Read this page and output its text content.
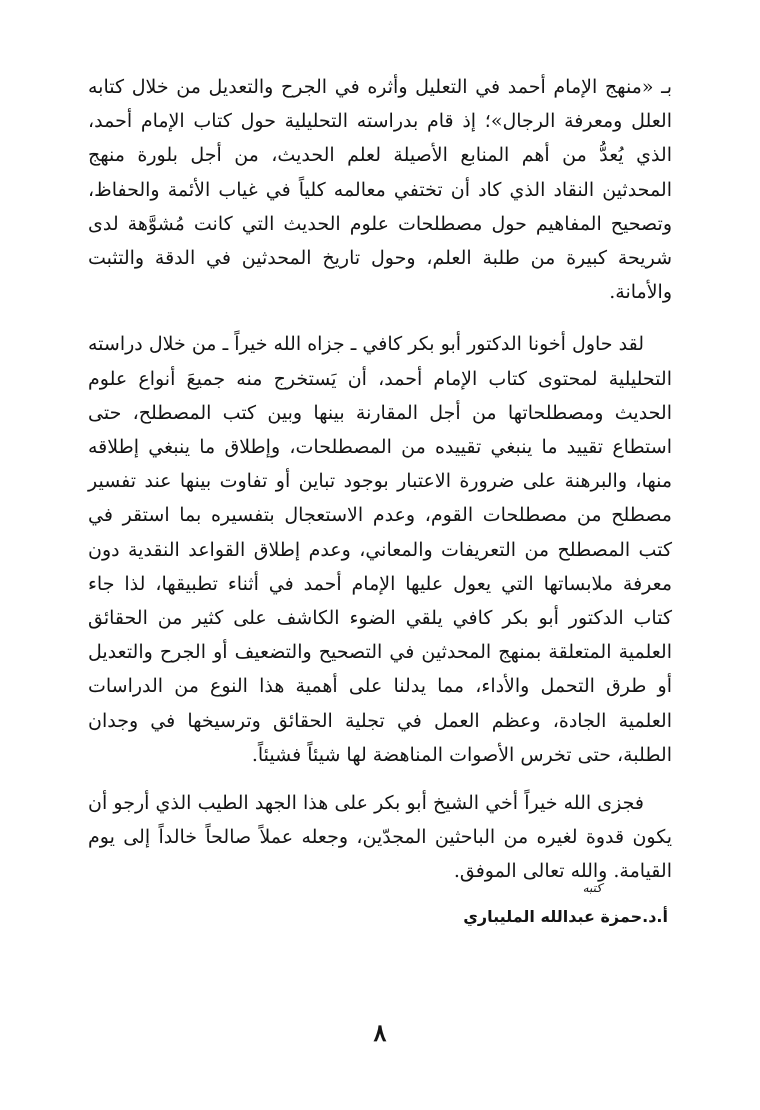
بـ «منهج الإمام أحمد في التعليل وأثره في الجرح والتعديل من خلال كتابه العلل ومعرفة الرجال»؛ إذ قام بدراسته التحليلية حول كتاب الإمام أحمد، الذي يُعدُّ من أهم المنابع الأصيلة لعلم الحديث، من أجل بلورة منهج المحدثين النقاد الذي كاد أن تختفي معالمه كلياً في غياب الأئمة والحفاظ، وتصحيح المفاهيم حول مصطلحات علوم الحديث التي كانت مُشوَّهة لدى شريحة كبيرة من طلبة العلم، وحول تاريخ المحدثين في الدقة والتثبت والأمانة.

لقد حاول أخونا الدكتور أبو بكر كافي ـ جزاه الله خيراً ـ من خلال دراسته التحليلية لمحتوى كتاب الإمام أحمد، أن يَستخرج منه جميعَ أنواع علوم الحديث ومصطلحاتها من أجل المقارنة بينها وبين كتب المصطلح، حتى استطاع تقييد ما ينبغي تقييده من المصطلحات، وإطلاق ما ينبغي إطلاقه منها، والبرهنة على ضرورة الاعتبار بوجود تباين أو تفاوت بينها عند تفسير مصطلح من مصطلحات القوم، وعدم الاستعجال بتفسيره بما استقر في كتب المصطلح من التعريفات والمعاني، وعدم إطلاق القواعد النقدية دون معرفة ملابساتها التي يعول عليها الإمام أحمد في أثناء تطبيقها، لذا جاء كتاب الدكتور أبو بكر كافي يلقي الضوء الكاشف على كثير من الحقائق العلمية المتعلقة بمنهج المحدثين في التصحيح والتضعيف أو الجرح والتعديل أو طرق التحمل والأداء، مما يدلنا على أهمية هذا النوع من الدراسات العلمية الجادة، وعظم العمل في تجلية الحقائق وترسيخها في وجدان الطلبة، حتى تخرس الأصوات المناهضة لها شيئاً فشيئاً.

فجزى الله خيراً أخي الشيخ أبو بكر على هذا الجهد الطيب الذي أرجو أن يكون قدوة لغيره من الباحثين المجدّين، وجعله عملاً صالحاً خالداً إلى يوم القيامة. والله تعالى الموفق.

كتبه
أ.د.حمزة عبدالله المليباري
٨
